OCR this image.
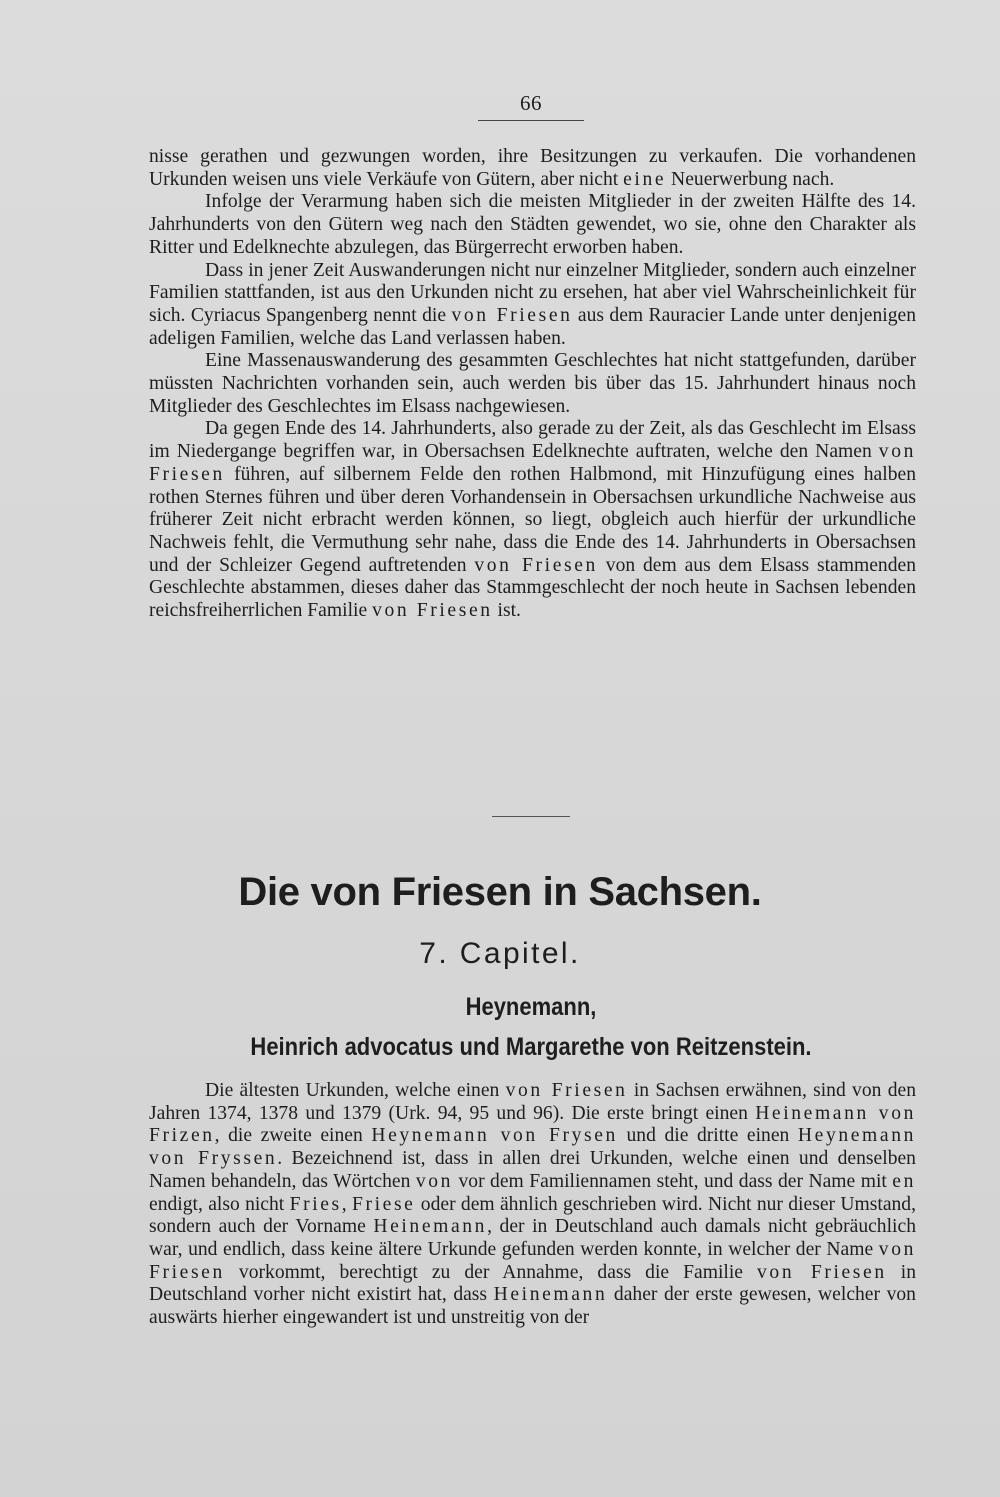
66

nisse gerathen und gezwungen worden, ihre Besitzungen zu verkaufen. Die vorhandenen Urkunden weisen uns viele Verkäufe von Gütern, aber nicht eine Neuerwerbung nach.

Infolge der Verarmung haben sich die meisten Mitglieder in der zweiten Hälfte des 14. Jahrhunderts von den Gütern weg nach den Städten gewendet, wo sie, ohne den Charakter als Ritter und Edelknechte abzulegen, das Bürgerrecht erworben haben.

Dass in jener Zeit Auswanderungen nicht nur einzelner Mitglieder, sondern auch einzelner Familien stattfanden, ist aus den Urkunden nicht zu ersehen, hat aber viel Wahrscheinlichkeit für sich. Cyriacus Spangenberg nennt die von Friesen aus dem Rauracier Lande unter denjenigen adeligen Familien, welche das Land verlassen haben.

Eine Massenauswanderung des gesammten Geschlechtes hat nicht stattgefunden, darüber müssten Nachrichten vorhanden sein, auch werden bis über das 15. Jahrhundert hinaus noch Mitglieder des Geschlechtes im Elsass nachgewiesen.

Da gegen Ende des 14. Jahrhunderts, also gerade zu der Zeit, als das Geschlecht im Elsass im Niedergange begriffen war, in Obersachsen Edelknechte auftraten, welche den Namen von Friesen führen, auf silbernem Felde den rothen Halbmond, mit Hinzufügung eines halben rothen Sternes führen und über deren Vorhandensein in Obersachsen urkundliche Nachweise aus früherer Zeit nicht erbracht werden können, so liegt, obgleich auch hierfür der urkundliche Nachweis fehlt, die Vermuthung sehr nahe, dass die Ende des 14. Jahrhunderts in Obersachsen und der Schleizer Gegend auftretenden von Friesen von dem aus dem Elsass stammenden Geschlechte abstammen, dieses daher das Stammgeschlecht der noch heute in Sachsen lebenden reichsfreiherrlichen Familie von Friesen ist.

Die von Friesen in Sachsen.
7. Capitel.
Heynemann,
Heinrich advocatus und Margarethe von Reitzenstein.

Die ältesten Urkunden, welche einen von Friesen in Sachsen erwähnen, sind von den Jahren 1374, 1378 und 1379 (Urk. 94, 95 und 96). Die erste bringt einen Heinemann von Frizen, die zweite einen Heynemann von Frysen und die dritte einen Heynemann von Fryssen. Bezeichnend ist, dass in allen drei Urkunden, welche einen und denselben Namen behandeln, das Wörtchen von vor dem Familiennamen steht, und dass der Name mit en endigt, also nicht Fries, Friese oder dem ähnlich geschrieben wird. Nicht nur dieser Umstand, sondern auch der Vorname Heinemann, der in Deutschland auch damals nicht gebräuchlich war, und endlich, dass keine ältere Urkunde gefunden werden konnte, in welcher der Name von Friesen vorkommt, berechtigt zu der Annahme, dass die Familie von Friesen in Deutschland vorher nicht existirt hat, dass Heinemann daher der erste gewesen, welcher von auswärts hierher eingewandert ist und unstreitig von der
